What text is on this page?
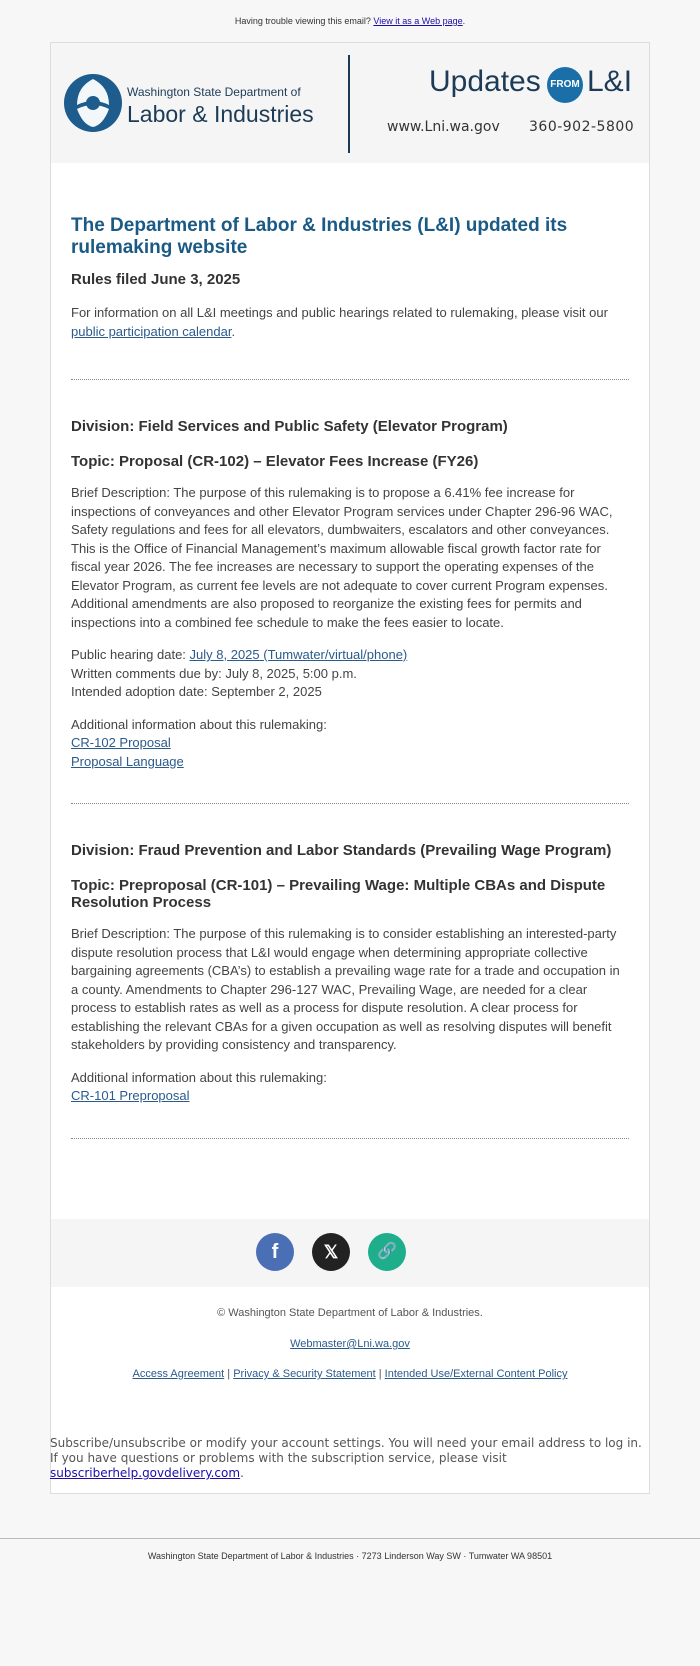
Having trouble viewing this email? View it as a Web page.
Washington State Department of
Labor & Industries
Updates FROM L&I
www.Lni.wa.gov 360-902-5800
The Department of Labor & Industries (L&I) updated its rulemaking website
Rules filed June 3, 2025

For information on all L&I meetings and public hearings related to rulemaking, please visit our public participation calendar.

Division: Field Services and Public Safety (Elevator Program)
Topic: Proposal (CR-102) – Elevator Fees Increase (FY26)

Brief Description: The purpose of this rulemaking is to propose a 6.41% fee increase for inspections of conveyances and other Elevator Program services under Chapter 296-96 WAC, Safety regulations and fees for all elevators, dumbwaiters, escalators and other conveyances. This is the Office of Financial Management’s maximum allowable fiscal growth factor rate for fiscal year 2026. The fee increases are necessary to support the operating expenses of the Elevator Program, as current fee levels are not adequate to cover current Program expenses. Additional amendments are also proposed to reorganize the existing fees for permits and inspections into a combined fee schedule to make the fees easier to locate.

Public hearing date: July 8, 2025 (Tumwater/virtual/phone)
Written comments due by: July 8, 2025, 5:00 p.m.
Intended adoption date: September 2, 2025
Additional information about this rulemaking:
CR-102 Proposal
Proposal Language
Division: Fraud Prevention and Labor Standards (Prevailing Wage Program)
Topic: Preproposal (CR-101) – Prevailing Wage: Multiple CBAs and Dispute Resolution Process

Brief Description: The purpose of this rulemaking is to consider establishing an interested-party dispute resolution process that L&I would engage when determining appropriate collective bargaining agreements (CBA’s) to establish a prevailing wage rate for a trade and occupation in a county. Amendments to Chapter 296-127 WAC, Prevailing Wage, are needed for a clear process to establish rates as well as a process for dispute resolution. A clear process for establishing the relevant CBAs for a given occupation as well as resolving disputes will benefit stakeholders by providing consistency and transparency.

Additional information about this rulemaking:
CR-101 Preproposal
f	𝕏	🔗
© Washington State Department of Labor & Industries.
Webmaster@Lni.wa.gov
Access Agreement | Privacy & Security Statement | Intended Use/External Content Policy
Subscribe/unsubscribe or modify your account settings. You will need your email address to log in. If you have questions or problems with the subscription service, please visit subscriberhelp.govdelivery.com.
Washington State Department of Labor & Industries · 7273 Linderson Way SW · Tumwater WA 98501
